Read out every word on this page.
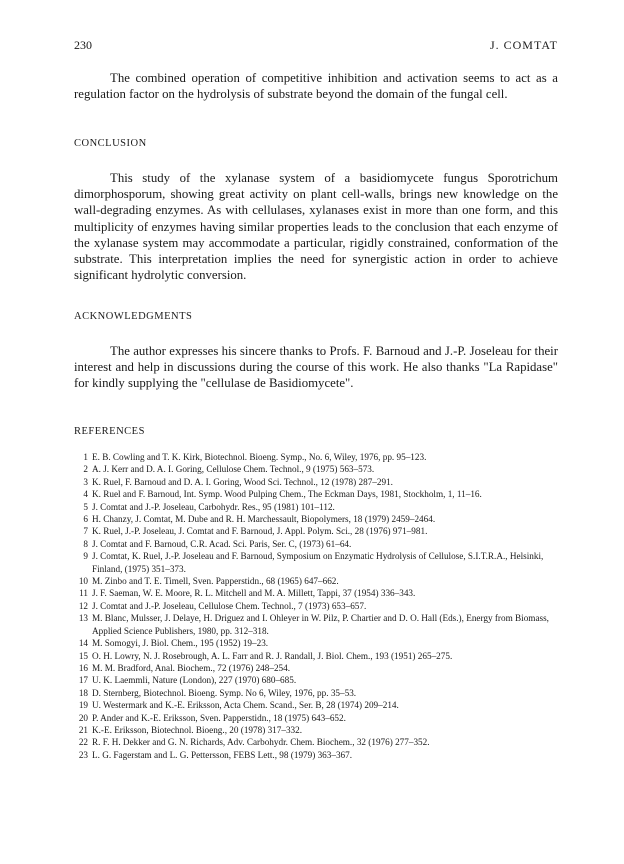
230	J. COMTAT

The combined operation of competitive inhibition and activation seems to act as a regulation factor on the hydrolysis of substrate beyond the domain of the fungal cell.

CONCLUSION

This study of the xylanase system of a basidiomycete fungus Sporotrichum dimorphosporum, showing great activity on plant cell-walls, brings new knowledge on the wall-degrading enzymes. As with cellulases, xylanases exist in more than one form, and this multiplicity of enzymes having similar properties leads to the conclusion that each enzyme of the xylanase system may accommodate a particular, rigidly constrained, conformation of the substrate. This interpretation implies the need for synergistic action in order to achieve significant hydrolytic conversion.

ACKNOWLEDGMENTS

The author expresses his sincere thanks to Profs. F. Barnoud and J.-P. Joseleau for their interest and help in discussions during the course of this work. He also thanks "La Rapidase" for kindly supplying the "cellulase de Basidiomycete".

REFERENCES

1 E. B. Cowling and T. K. Kirk, Biotechnol. Bioeng. Symp., No. 6, Wiley, 1976, pp. 95–123.
2 A. J. Kerr and D. A. I. Goring, Cellulose Chem. Technol., 9 (1975) 563–573.
3 K. Ruel, F. Barnoud and D. A. I. Goring, Wood Sci. Technol., 12 (1978) 287–291.
4 K. Ruel and F. Barnoud, Int. Symp. Wood Pulping Chem., The Eckman Days, 1981, Stockholm, 1, 11–16.
5 J. Comtat and J.-P. Joseleau, Carbohydr. Res., 95 (1981) 101–112.
6 H. Chanzy, J. Comtat, M. Dube and R. H. Marchessault, Biopolymers, 18 (1979) 2459–2464.
7 K. Ruel, J.-P. Joseleau, J. Comtat and F. Barnoud, J. Appl. Polym. Sci., 28 (1976) 971–981.
8 J. Comtat and F. Barnoud, C.R. Acad. Sci. Paris, Ser. C, (1973) 61–64.
9 J. Comtat, K. Ruel, J.-P. Joseleau and F. Barnoud, Symposium on Enzymatic Hydrolysis of Cellulose, S.I.T.R.A., Helsinki, Finland, (1975) 351–373.
10 M. Zinbo and T. E. Timell, Sven. Papperstidn., 68 (1965) 647–662.
11 J. F. Saeman, W. E. Moore, R. L. Mitchell and M. A. Millett, Tappi, 37 (1954) 336–343.
12 J. Comtat and J.-P. Joseleau, Cellulose Chem. Technol., 7 (1973) 653–657.
13 M. Blanc, Mulsser, J. Delaye, H. Driguez and I. Ohleyer in W. Pilz, P. Chartier and D. O. Hall (Eds.), Energy from Biomass, Applied Science Publishers, 1980, pp. 312–318.
14 M. Somogyi, J. Biol. Chem., 195 (1952) 19–23.
15 O. H. Lowry, N. J. Rosebrough, A. L. Farr and R. J. Randall, J. Biol. Chem., 193 (1951) 265–275.
16 M. M. Bradford, Anal. Biochem., 72 (1976) 248–254.
17 U. K. Laemmli, Nature (London), 227 (1970) 680–685.
18 D. Sternberg, Biotechnol. Bioeng. Symp. No 6, Wiley, 1976, pp. 35–53.
19 U. Westermark and K.-E. Eriksson, Acta Chem. Scand., Ser. B, 28 (1974) 209–214.
20 P. Ander and K.-E. Eriksson, Sven. Papperstidn., 18 (1975) 643–652.
21 K.-E. Eriksson, Biotechnol. Bioeng., 20 (1978) 317–332.
22 R. F. H. Dekker and G. N. Richards, Adv. Carbohydr. Chem. Biochem., 32 (1976) 277–352.
23 L. G. Fagerstam and L. G. Pettersson, FEBS Lett., 98 (1979) 363–367.
